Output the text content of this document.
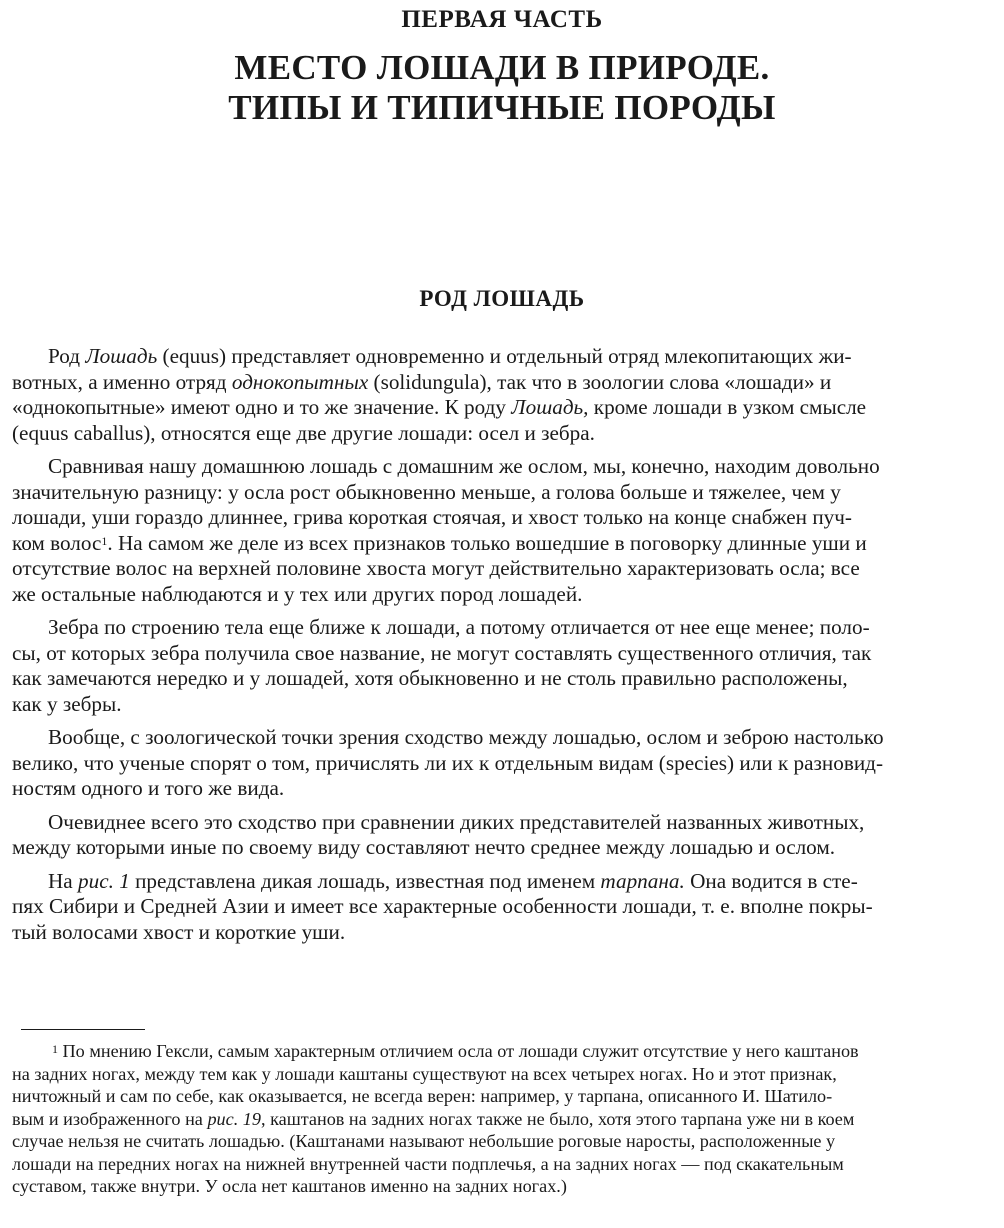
ПЕРВАЯ ЧАСТЬ
МЕСТО ЛОШАДИ В ПРИРОДЕ.
ТИПЫ И ТИПИЧНЫЕ ПОРОДЫ
РОД ЛОШАДЬ
Род Лошадь (equus) представляет одновременно и отдельный отряд млекопитающих жи-
вотных, а именно отряд однокопытных (solidungula), так что в зоологии слова «лошади» и
«однокопытные» имеют одно и то же значение. К роду Лошадь, кроме лошади в узком смысле
(equus caballus), относятся еще две другие лошади: осел и зебра.
Сравнивая нашу домашнюю лошадь с домашним же ослом, мы, конечно, находим довольно
значительную разницу: у осла рост обыкновенно меньше, а голова больше и тяжелее, чем у
лошади, уши гораздо длиннее, грива короткая стоячая, и хвост только на конце снабжен пуч-
ком волос$^1$. На самом же деле из всех признаков только вошедшие в поговорку длинные уши и
отсутствие волос на верхней половине хвоста могут действительно характеризовать осла; все
же остальные наблюдаются и у тех или других пород лошадей.
Зебра по строению тела еще ближе к лошади, а потому отличается от нее еще менее; поло-
сы, от которых зебра получила свое название, не могут составлять существенного отличия, так
как замечаются нередко и у лошадей, хотя обыкновенно и не столь правильно расположены,
как у зебры.
Вообще, с зоологической точки зрения сходство между лошадью, ослом и зеброю настолько
велико, что ученые спорят о том, причислять ли их к отдельным видам (species) или к разновид-
ностям одного и того же вида.
Очевиднее всего это сходство при сравнении диких представителей названных животных,
между которыми иные по своему виду составляют нечто среднее между лошадью и ослом.
На рис. 1 представлена дикая лошадь, известная под именем тарпана. Она водится в сте-
пях Сибири и Средней Азии и имеет все характерные особенности лошади, т. е. вполне покры-
тый волосами хвост и короткие уши.
$^1$ По мнению Гексли, самым характерным отличием осла от лошади служит отсутствие у него каштанов
на задних ногах, между тем как у лошади каштаны существуют на всех четырех ногах. Но и этот признак,
ничтожный и сам по себе, как оказывается, не всегда верен: например, у тарпана, описанного И. Шатило-
вым и изображенного на рис. 19, каштанов на задних ногах также не было, хотя этого тарпана уже ни в коем
случае нельзя не считать лошадью. (Каштанами называют небольшие роговые наросты, расположенные у
лошади на передних ногах на нижней внутренней части подплечья, а на задних ногах — под скакательным
суставом, также внутри. У осла нет каштанов именно на задних ногах.)
